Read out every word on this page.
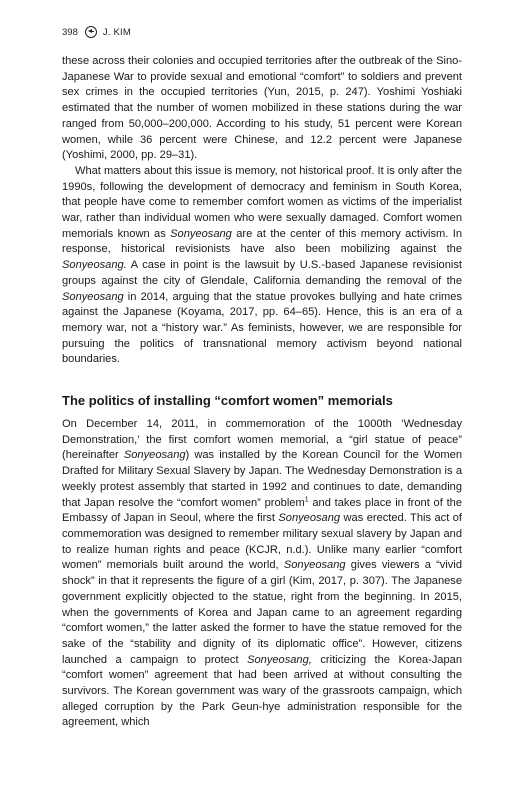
398	J. KIM

these across their colonies and occupied territories after the outbreak of the Sino-Japanese War to provide sexual and emotional “comfort” to soldiers and prevent sex crimes in the occupied territories (Yun, 2015, p. 247). Yoshimi Yoshiaki estimated that the number of women mobilized in these stations during the war ranged from 50,000–200,000. According to his study, 51 percent were Korean women, while 36 percent were Chinese, and 12.2 percent were Japanese (Yoshimi, 2000, pp. 29–31).

What matters about this issue is memory, not historical proof. It is only after the 1990s, following the development of democracy and feminism in South Korea, that people have come to remember comfort women as victims of the imperialist war, rather than individual women who were sexually damaged. Comfort women memorials known as Sonyeosang are at the center of this memory activism. In response, historical revisionists have also been mobilizing against the Sonyeosang. A case in point is the lawsuit by U.S.-based Japanese revisionist groups against the city of Glendale, California demanding the removal of the Sonyeosang in 2014, arguing that the statue provokes bullying and hate crimes against the Japanese (Koyama, 2017, pp. 64–65). Hence, this is an era of a memory war, not a “history war.” As feminists, however, we are responsible for pursuing the politics of transnational memory activism beyond national boundaries.

The politics of installing “comfort women” memorials

On December 14, 2011, in commemoration of the 1000th ‘Wednesday Demonstration,’ the first comfort women memorial, a “girl statue of peace” (hereinafter Sonyeosang) was installed by the Korean Council for the Women Drafted for Military Sexual Slavery by Japan. The Wednesday Demonstration is a weekly protest assembly that started in 1992 and continues to date, demanding that Japan resolve the “comfort women” problem$^1$ and takes place in front of the Embassy of Japan in Seoul, where the first Sonyeosang was erected. This act of commemoration was designed to remember military sexual slavery by Japan and to realize human rights and peace (KCJR, n.d.). Unlike many earlier “comfort women” memorials built around the world, Sonyeosang gives viewers a “vivid shock” in that it represents the figure of a girl (Kim, 2017, p. 307). The Japanese government explicitly objected to the statue, right from the beginning. In 2015, when the governments of Korea and Japan came to an agreement regarding “comfort women,” the latter asked the former to have the statue removed for the sake of the “stability and dignity of its diplomatic office”. However, citizens launched a campaign to protect Sonyeosang, criticizing the Korea-Japan “comfort women” agreement that had been arrived at without consulting the survivors. The Korean government was wary of the grassroots campaign, which alleged corruption by the Park Geun-hye administration responsible for the agreement, which
